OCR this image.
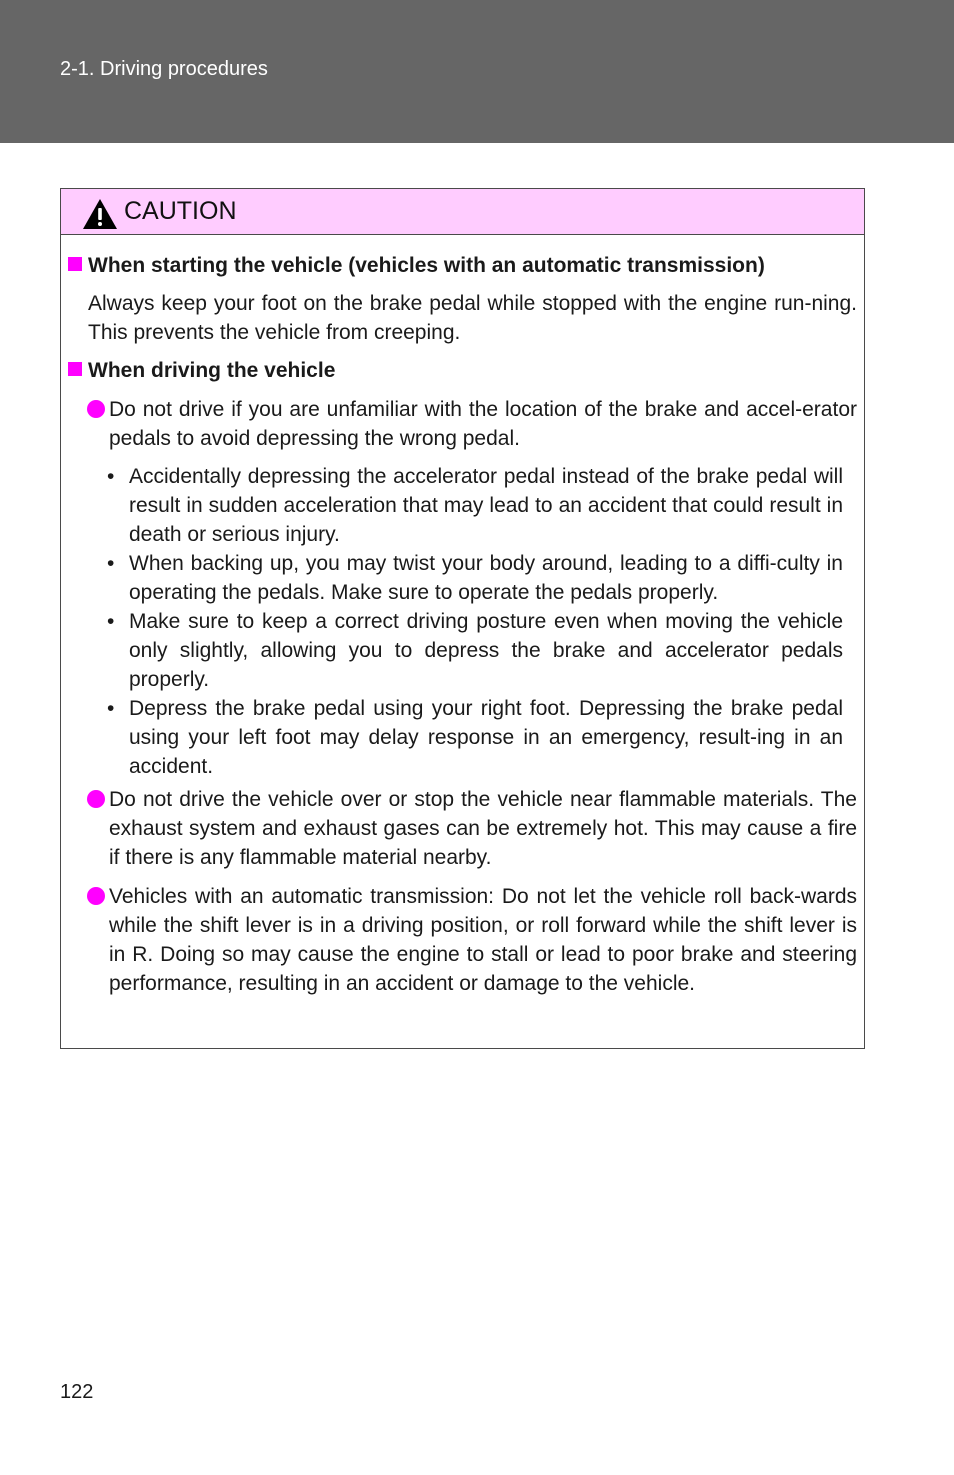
2-1. Driving procedures
CAUTION
When starting the vehicle (vehicles with an automatic transmission)
Always keep your foot on the brake pedal while stopped with the engine run-ning. This prevents the vehicle from creeping.
When driving the vehicle
Do not drive if you are unfamiliar with the location of the brake and accel-erator pedals to avoid depressing the wrong pedal.
• Accidentally depressing the accelerator pedal instead of the brake pedal will result in sudden acceleration that may lead to an accident that could result in death or serious injury.
• When backing up, you may twist your body around, leading to a diffi-culty in operating the pedals. Make sure to operate the pedals properly.
• Make sure to keep a correct driving posture even when moving the vehicle only slightly, allowing you to depress the brake and accelerator pedals properly.
• Depress the brake pedal using your right foot. Depressing the brake pedal using your left foot may delay response in an emergency, result-ing in an accident.
Do not drive the vehicle over or stop the vehicle near flammable materials. The exhaust system and exhaust gases can be extremely hot. This may cause a fire if there is any flammable material nearby.
Vehicles with an automatic transmission: Do not let the vehicle roll back-wards while the shift lever is in a driving position, or roll forward while the shift lever is in R. Doing so may cause the engine to stall or lead to poor brake and steering performance, resulting in an accident or damage to the vehicle.
122
